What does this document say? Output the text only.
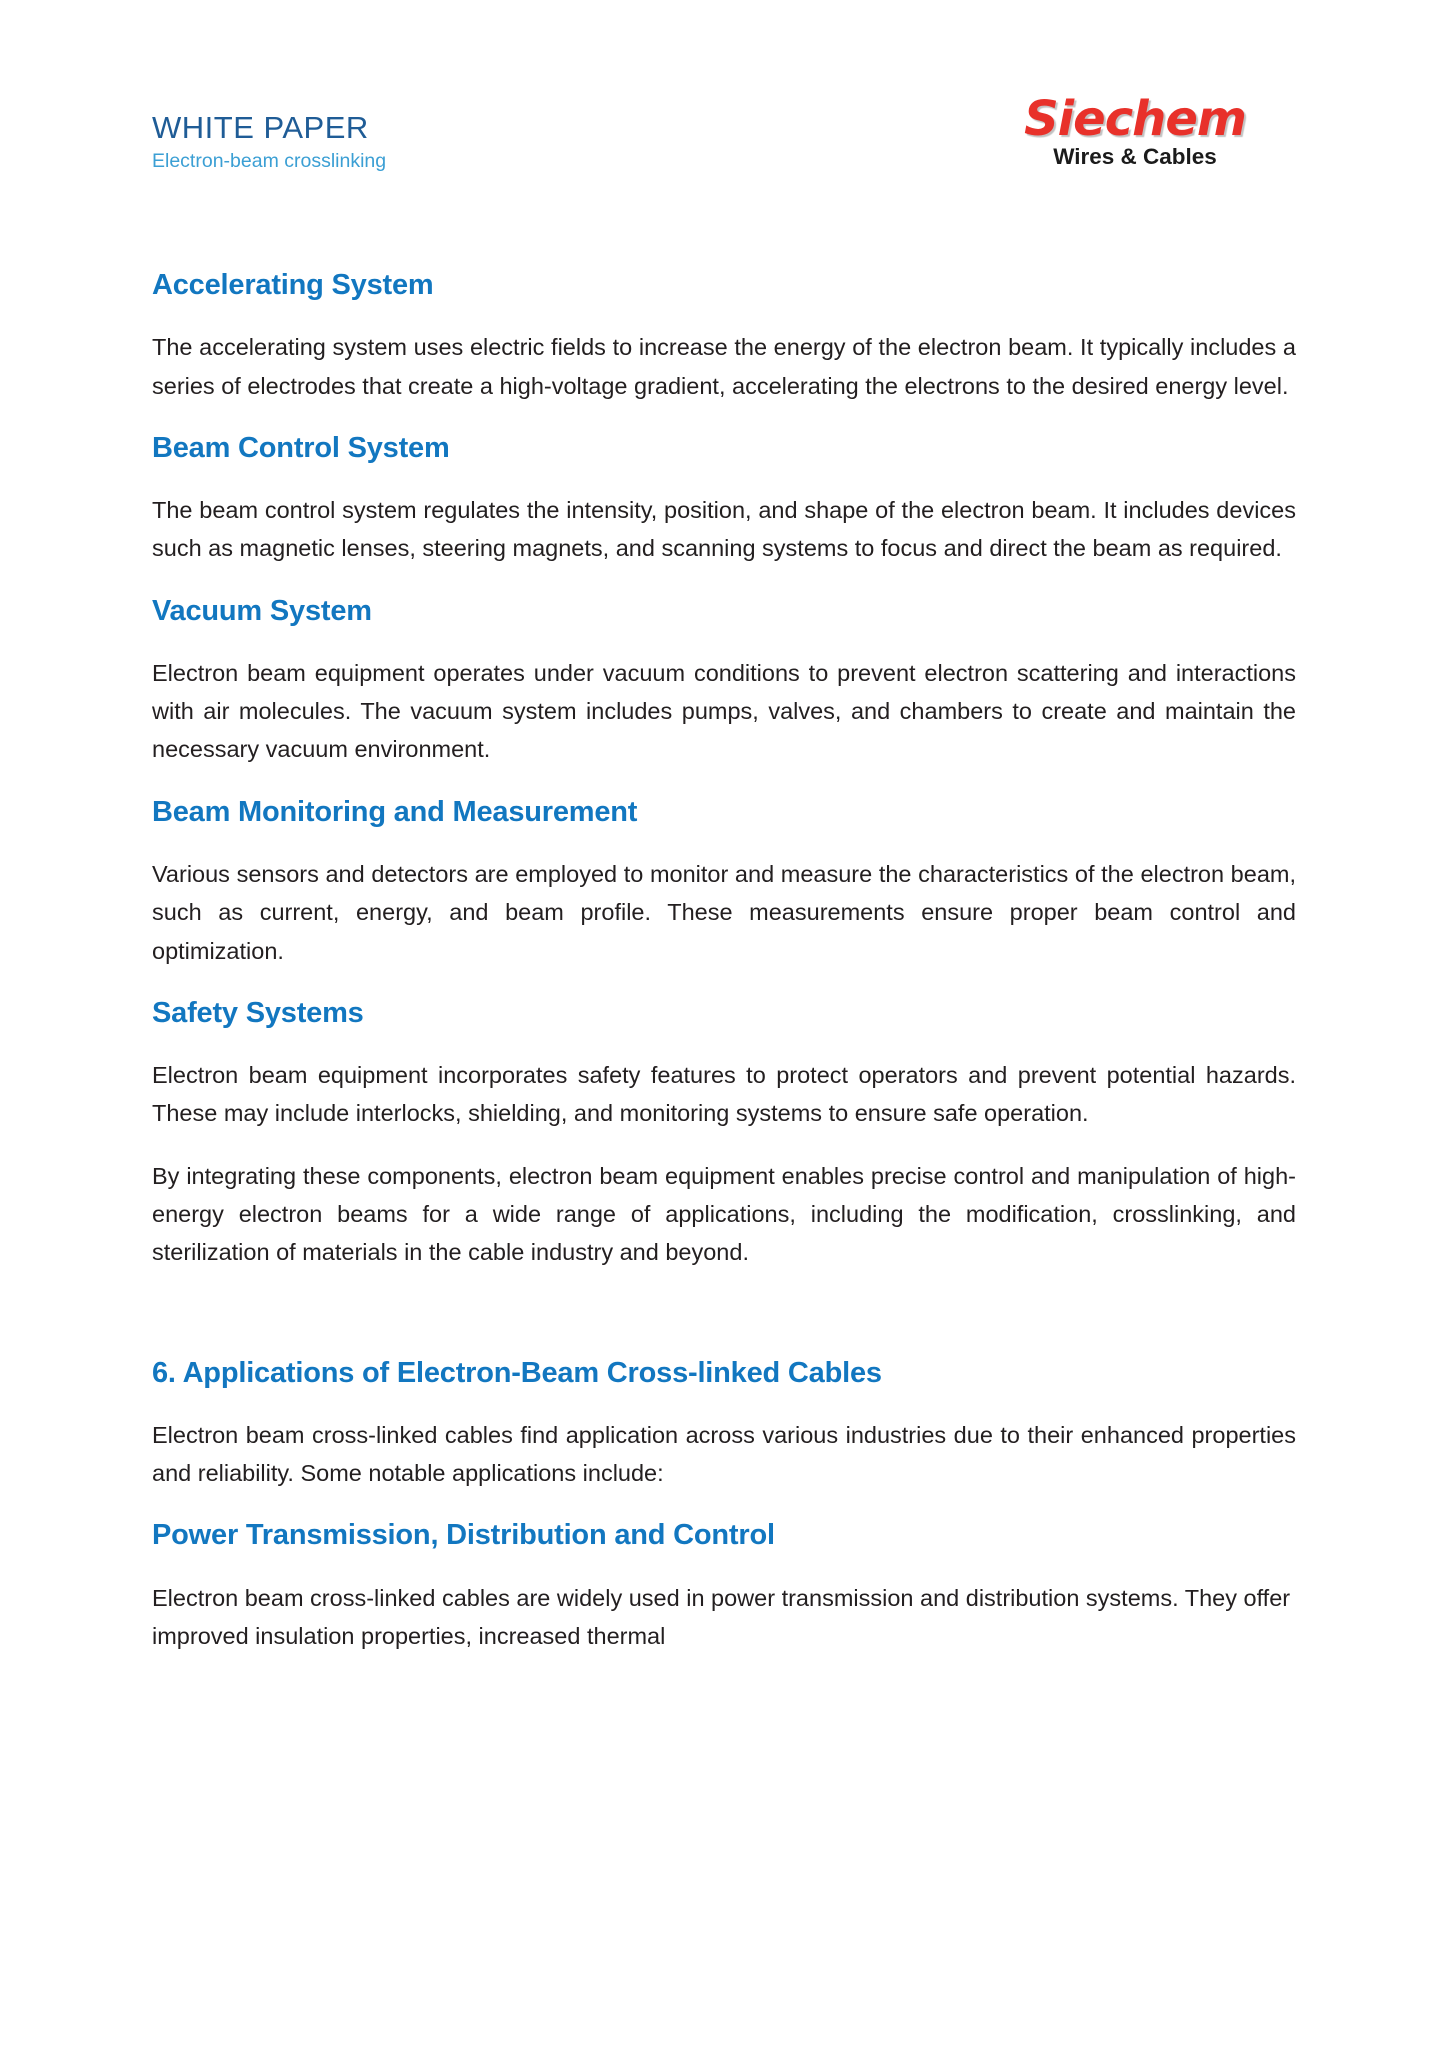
WHITE PAPER
Electron-beam crosslinking
Siechem
Wires & Cables
Accelerating System

The accelerating system uses electric fields to increase the energy of the electron beam. It typically includes a series of electrodes that create a high-voltage gradient, accelerating the electrons to the desired energy level.

Beam Control System

The beam control system regulates the intensity, position, and shape of the electron beam. It includes devices such as magnetic lenses, steering magnets, and scanning systems to focus and direct the beam as required.

Vacuum System

Electron beam equipment operates under vacuum conditions to prevent electron scattering and interactions with air molecules. The vacuum system includes pumps, valves, and chambers to create and maintain the necessary vacuum environment.

Beam Monitoring and Measurement

Various sensors and detectors are employed to monitor and measure the characteristics of the electron beam, such as current, energy, and beam profile. These measurements ensure proper beam control and optimization.

Safety Systems

Electron beam equipment incorporates safety features to protect operators and prevent potential hazards. These may include interlocks, shielding, and monitoring systems to ensure safe operation.

By integrating these components, electron beam equipment enables precise control and manipulation of high-energy electron beams for a wide range of applications, including the modification, crosslinking, and sterilization of materials in the cable industry and beyond.

6. Applications of Electron-Beam Cross-linked Cables

Electron beam cross-linked cables find application across various industries due to their enhanced properties and reliability. Some notable applications include:

Power Transmission, Distribution and Control

Electron beam cross-linked cables are widely used in power transmission and distribution systems. They offer improved insulation properties, increased thermal
